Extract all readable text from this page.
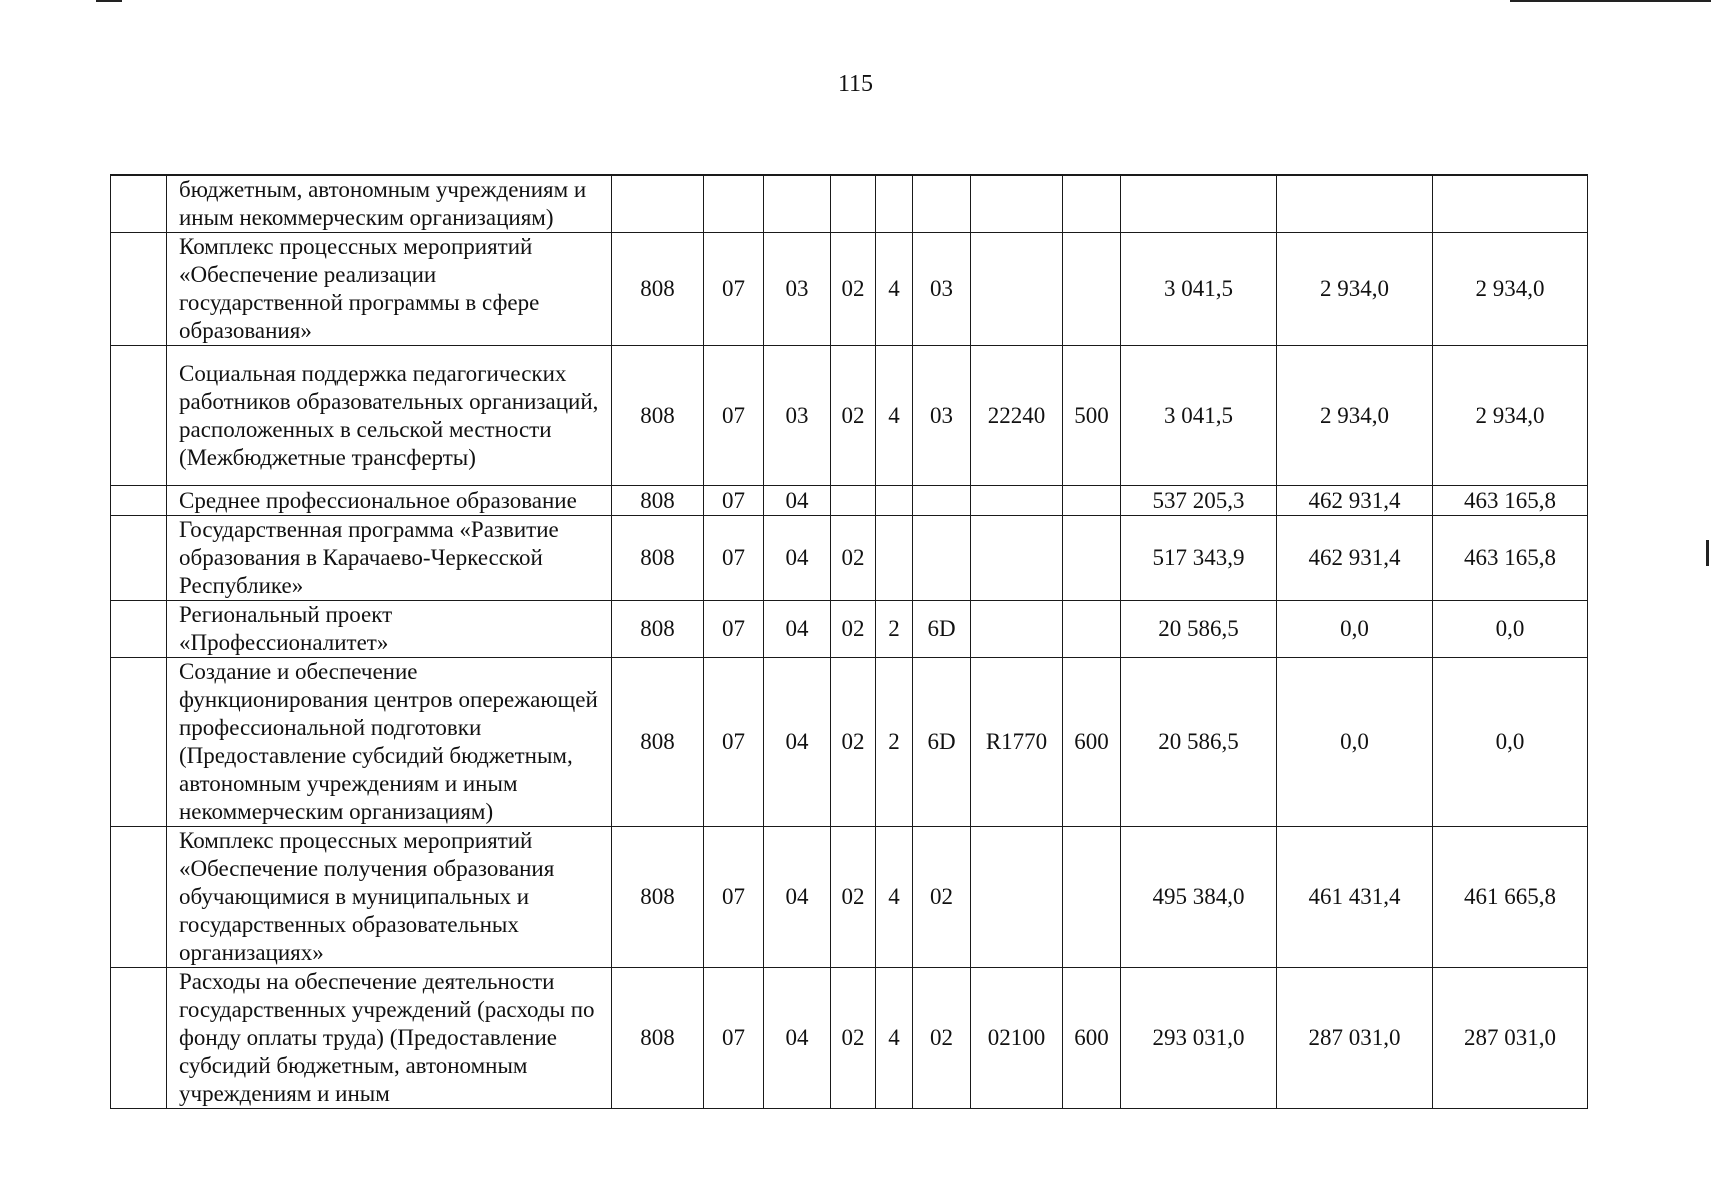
115
	бюджетным, автономным учреждениям и иным некоммерческим организациям)											
	Комплекс процессных мероприятий «Обеспечение реализации государственной программы в сфере образования»	808	07	03	02	4	03			3 041,5	2 934,0	2 934,0
	Социальная поддержка педагогических работников образовательных организаций, расположенных в сельской местности (Межбюджетные трансферты)	808	07	03	02	4	03	22240	500	3 041,5	2 934,0	2 934,0
	Среднее профессиональное образование	808	07	04						537 205,3	462 931,4	463 165,8
	Государственная программа «Развитие образования в Карачаево-Черкесской Республике»	808	07	04	02					517 343,9	462 931,4	463 165,8
	Региональный проект «Профессионалитет»	808	07	04	02	2	6D			20 586,5	0,0	0,0
	Создание и обеспечение функционирования центров опережающей профессиональной подготовки (Предоставление субсидий бюджетным, автономным учреждениям и иным некоммерческим организациям)	808	07	04	02	2	6D	R1770	600	20 586,5	0,0	0,0
	Комплекс процессных мероприятий «Обеспечение получения образования обучающимися в муниципальных и государственных образовательных организациях»	808	07	04	02	4	02			495 384,0	461 431,4	461 665,8
	Расходы на обеспечение деятельности государственных учреждений (расходы по фонду оплаты труда) (Предоставление субсидий бюджетным, автономным учреждениям и иным	808	07	04	02	4	02	02100	600	293 031,0	287 031,0	287 031,0
